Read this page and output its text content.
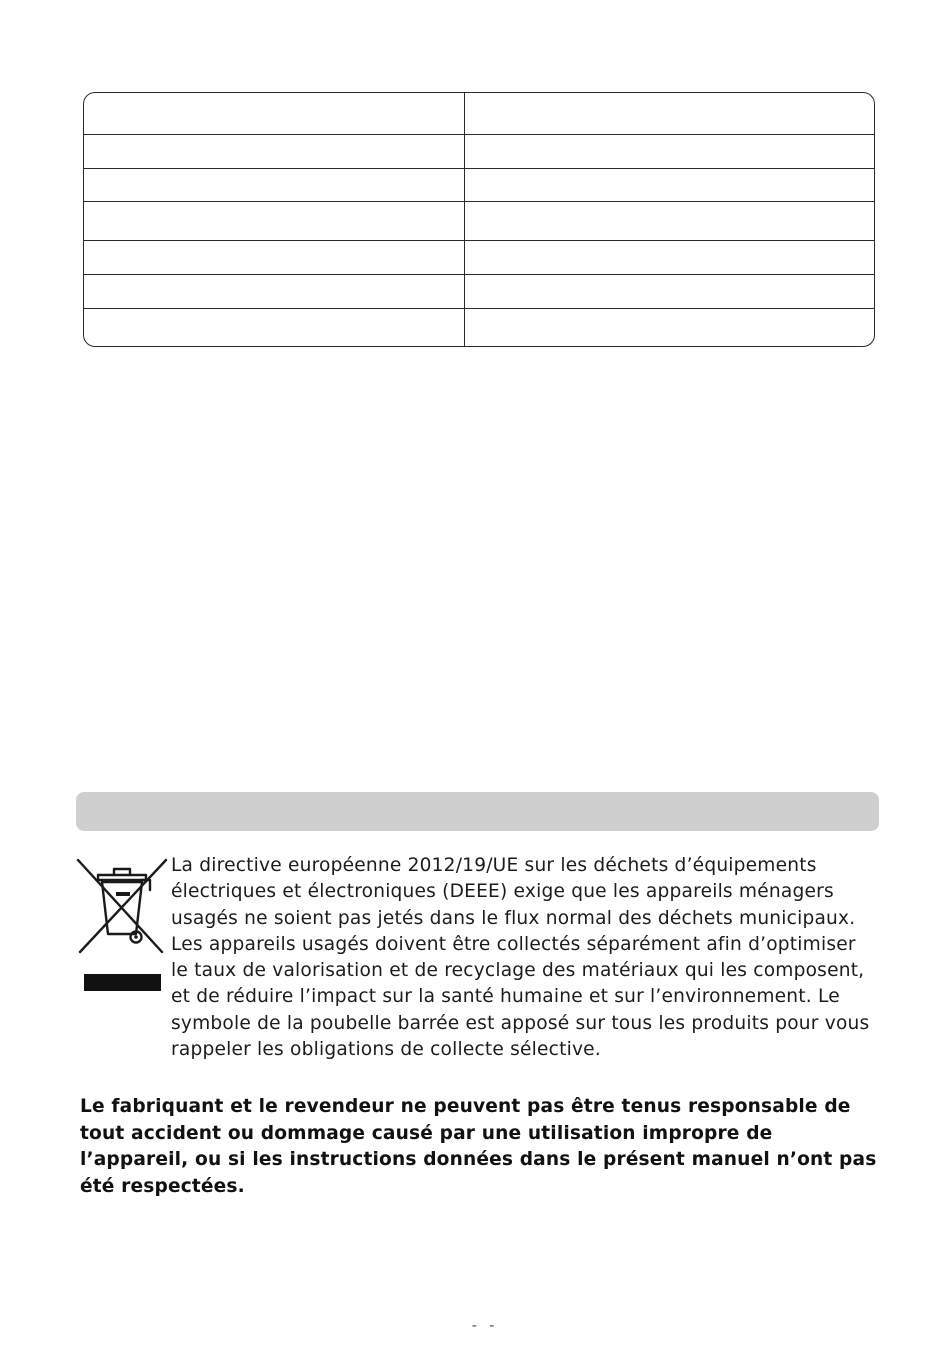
La directive européenne 2012/19/UE sur les déchets d’équipements électriques et électroniques (DEEE) exige que les appareils ménagers usagés ne soient pas jetés dans le flux normal des déchets municipaux. Les appareils usagés doivent être collectés séparément afin d’optimiser le taux de valorisation et de recyclage des matériaux qui les composent, et de réduire l’impact sur la santé humaine et sur l’environnement. Le symbole de la poubelle barrée est apposé sur tous les produits pour vous rappeler les obligations de collecte sélective.
Le fabriquant et le revendeur ne peuvent pas être tenus responsable de tout accident ou dommage causé par une utilisation impropre de l’appareil, ou si les instructions données dans le présent manuel n’ont pas été respectées.
- -
